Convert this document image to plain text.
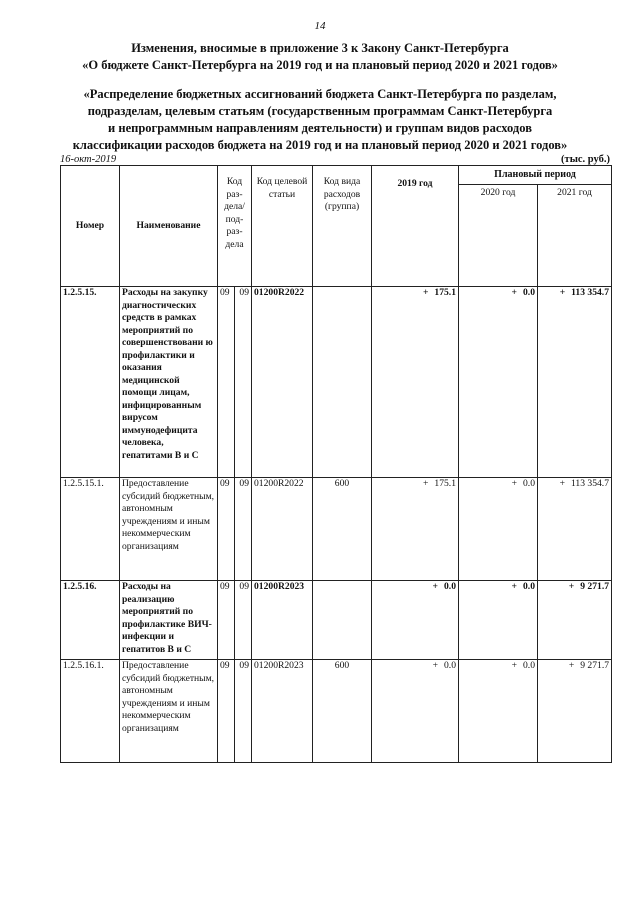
14
Изменения, вносимые в приложение 3 к Закону Санкт-Петербурга
«О бюджете Санкт-Петербурга на 2019 год и на плановый период 2020 и 2021 годов»
«Распределение бюджетных ассигнований бюджета Санкт-Петербурга по разделам,
подразделам, целевым статьям (государственным программам Санкт-Петербурга
и непрограммным направлениям деятельности) и группам видов расходов
классификации расходов бюджета на 2019 год и на плановый период 2020 и 2021 годов»
16-окт-2019	(тыс. руб.)
Номер	Наименование	Код раз-дела/ под-раз-дела		Код целевой статьи	Код вида расходов (группа)	2019 год	Плановый период	
							2020 год	2021 год
1.2.5.15.	Расходы на закупку диагностических средств в рамках мероприятий по совершенствовани ю профилактики и оказания медицинской помощи лицам, инфицированным вирусом иммунодефицита человека, гепатитами В и С	09	09	01200R2022		+ 175.1	+ 0.0	+ 113 354.7
1.2.5.15.1.	Предоставление субсидий бюджетным, автономным учреждениям и иным некоммерческим организациям	09	09	01200R2022	600	+ 175.1	+ 0.0	+ 113 354.7
1.2.5.16.	Расходы на реализацию мероприятий по профилактике ВИЧ-инфекции и гепатитов В и С	09	09	01200R2023		+ 0.0	+ 0.0	+ 9 271.7
1.2.5.16.1.	Предоставление субсидий бюджетным, автономным учреждениям и иным некоммерческим организациям	09	09	01200R2023	600	+ 0.0	+ 0.0	+ 9 271.7
